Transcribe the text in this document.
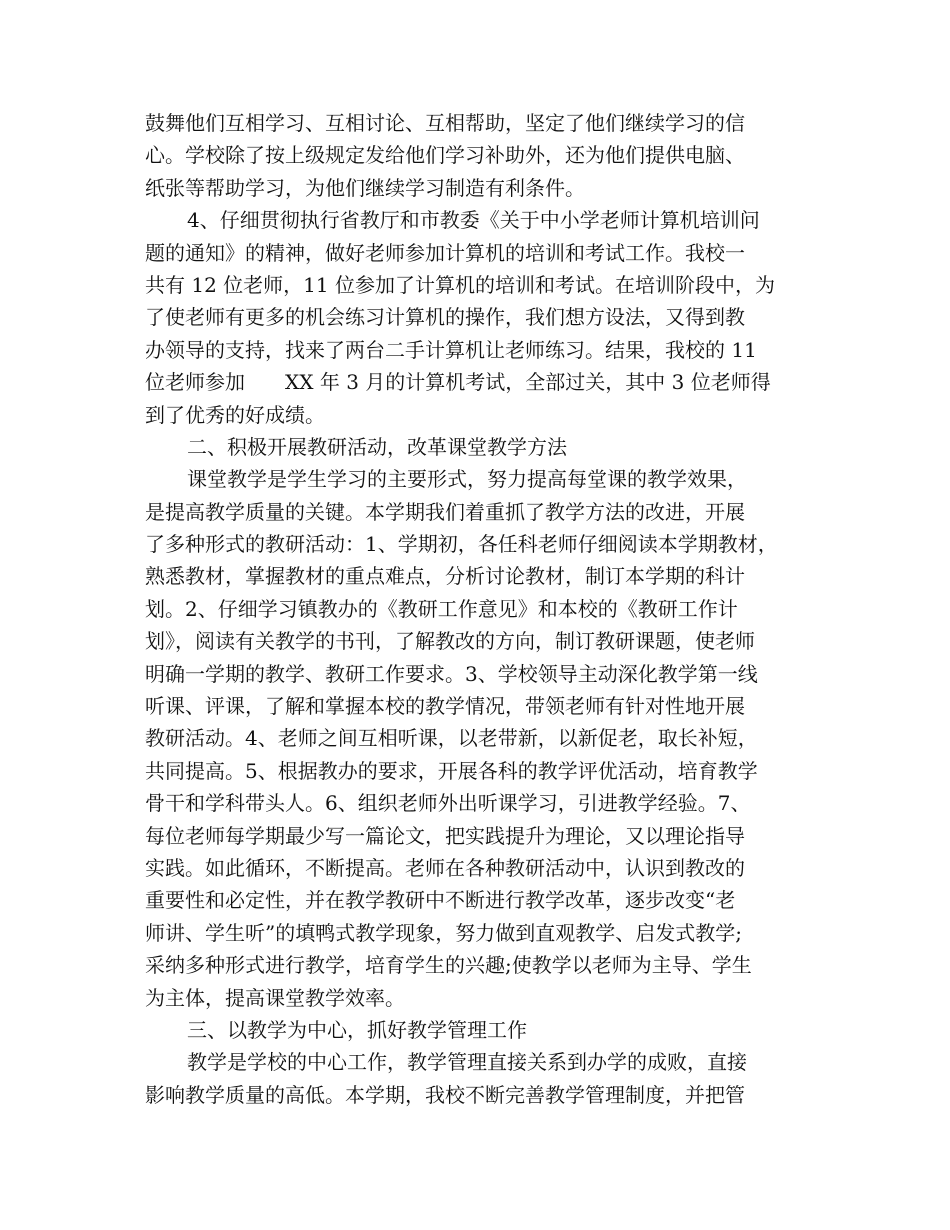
鼓舞他们互相学习、互相讨论、互相帮助，坚定了他们继续学习的信
心。学校除了按上级规定发给他们学习补助外，还为他们提供电脑、
纸张等帮助学习，为他们继续学习制造有利条件。
4、仔细贯彻执行省教厅和市教委《关于中小学老师计算机培训问
题的通知》的精神，做好老师参加计算机的培训和考试工作。我校一
共有 12 位老师，11 位参加了计算机的培训和考试。在培训阶段中，为
了使老师有更多的机会练习计算机的操作，我们想方设法，又得到教
办领导的支持，找来了两台二手计算机让老师练习。结果，我校的 11
位老师参加　　XX 年 3 月的计算机考试，全部过关，其中 3 位老师得
到了优秀的好成绩。
二、积极开展教研活动，改革课堂教学方法
课堂教学是学生学习的主要形式，努力提高每堂课的教学效果，
是提高教学质量的关键。本学期我们着重抓了教学方法的改进，开展
了多种形式的教研活动：1、学期初，各任科老师仔细阅读本学期教材，
熟悉教材，掌握教材的重点难点，分析讨论教材，制订本学期的科计
划。2、仔细学习镇教办的《教研工作意见》和本校的《教研工作计
划》，阅读有关教学的书刊，了解教改的方向，制订教研课题，使老师
明确一学期的教学、教研工作要求。3、学校领导主动深化教学第一线
听课、评课，了解和掌握本校的教学情况，带领老师有针对性地开展
教研活动。4、老师之间互相听课，以老带新，以新促老，取长补短，
共同提高。5、根据教办的要求，开展各科的教学评优活动，培育教学
骨干和学科带头人。6、组织老师外出听课学习，引进教学经验。7、
每位老师每学期最少写一篇论文，把实践提升为理论，又以理论指导
实践。如此循环，不断提高。老师在各种教研活动中，认识到教改的
重要性和必定性，并在教学教研中不断进行教学改革，逐步改变“老
师讲、学生听”的填鸭式教学现象，努力做到直观教学、启发式教学;
采纳多种形式进行教学，培育学生的兴趣;使教学以老师为主导、学生
为主体，提高课堂教学效率。
三、以教学为中心，抓好教学管理工作
教学是学校的中心工作，教学管理直接关系到办学的成败，直接
影响教学质量的高低。本学期，我校不断完善教学管理制度，并把管
